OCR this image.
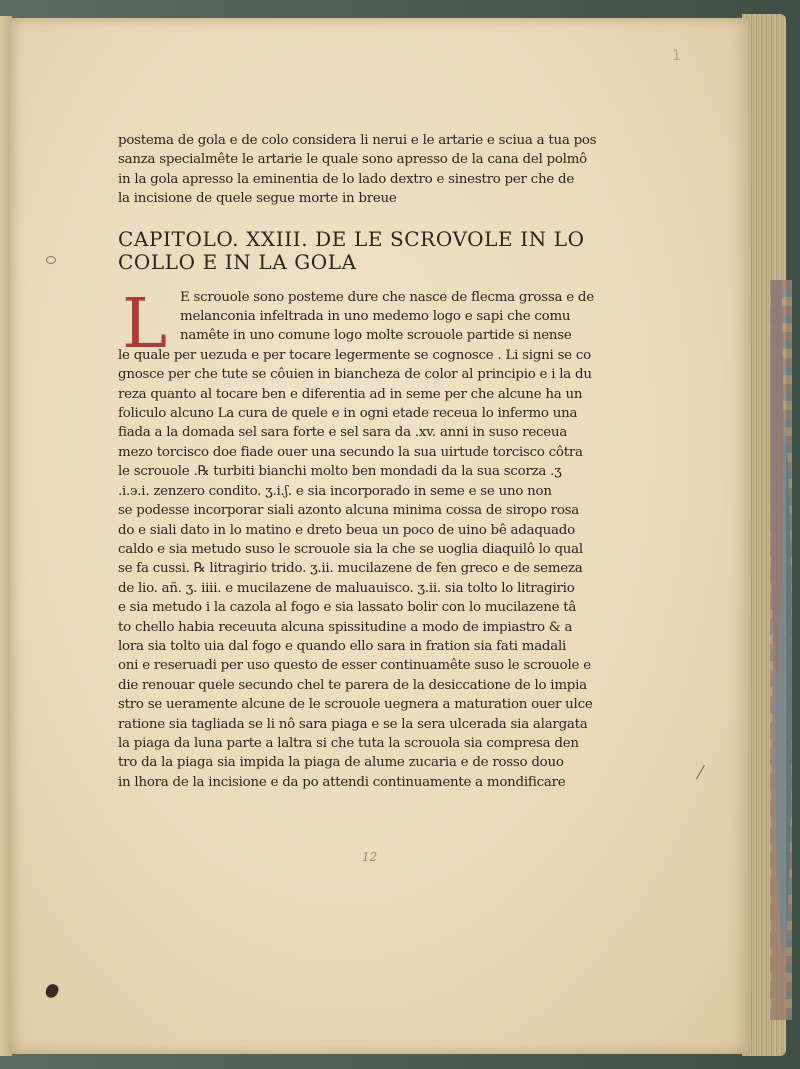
1
postema de gola e de colo considera li nerui e le artarie e sciua a tua pos
sanza specialmête le artarie le quale sono apresso de la cana del polmô
in la gola apresso la eminentia de lo lado dextro e sinestro per che de
la incisione de quele segue morte in breue
CAPITOLO. XXIII. DE LE SCROVOLE IN LO
COLLO E IN LA GOLA
L E scrouole sono posteme dure che nasce de flecma grossa e de
melanconia infeltrada in uno medemo logo e sapi che comu
namête in uno comune logo molte scrouole partide si nense
le quale per uezuda e per tocare legermente se cognosce . Li signi se co
gnosce per che tute se côuien in biancheza de color al principio e i la du
reza quanto al tocare ben e diferentia ad in seme per che alcune ha un
foliculo alcuno La cura de quele e in ogni etade receua lo infermo una
fiada a la domada sel sara forte e sel sara da .xv. anni in suso receua
mezo torcisco doe fiade ouer una secundo la sua uirtude torcisco côtra
le scrouole .℞ turbiti bianchi molto ben mondadi da la sua scorza .ʒ
.i.϶.i. zenzero condito. ʒ.i.ʃ. e sia incorporado in seme e se uno non
se podesse incorporar siali azonto alcuna minima cossa de siropo rosa
do e siali dato in lo matino e dreto beua un poco de uino bê adaquado
caldo e sia metudo suso le scrouole sia la che se uoglia diaquilô lo qual
se fa cussi. ℞ litragirio trido. ʒ.ii. mucilazene de fen greco e de semeza
de lio. añ. ʒ. iiii. e mucilazene de maluauisco. ʒ.ii. sia tolto lo litragirio
e sia metudo i la cazola al fogo e sia lassato bolir con lo mucilazene tâ
to chello habia receuuta alcuna spissitudine a modo de impiastro & a
lora sia tolto uia dal fogo e quando ello sara in fration sia fati madali
oni e reseruadi per uso questo de esser continuamête suso le scrouole e
die renouar quele secundo chel te parera de la desiccatione de lo impia
stro se ueramente alcune de le scrouole uegnera a maturation ouer ulce
ratione sia tagliada se li nô sara piaga e se la sera ulcerada sia alargata
la piaga da luna parte a laltra si che tuta la scrouola sia compresa den
tro da la piaga sia impida la piaga de alume zucaria e de rosso douo
in lhora de la incisione e da po attendi continuamente a mondificare
12
